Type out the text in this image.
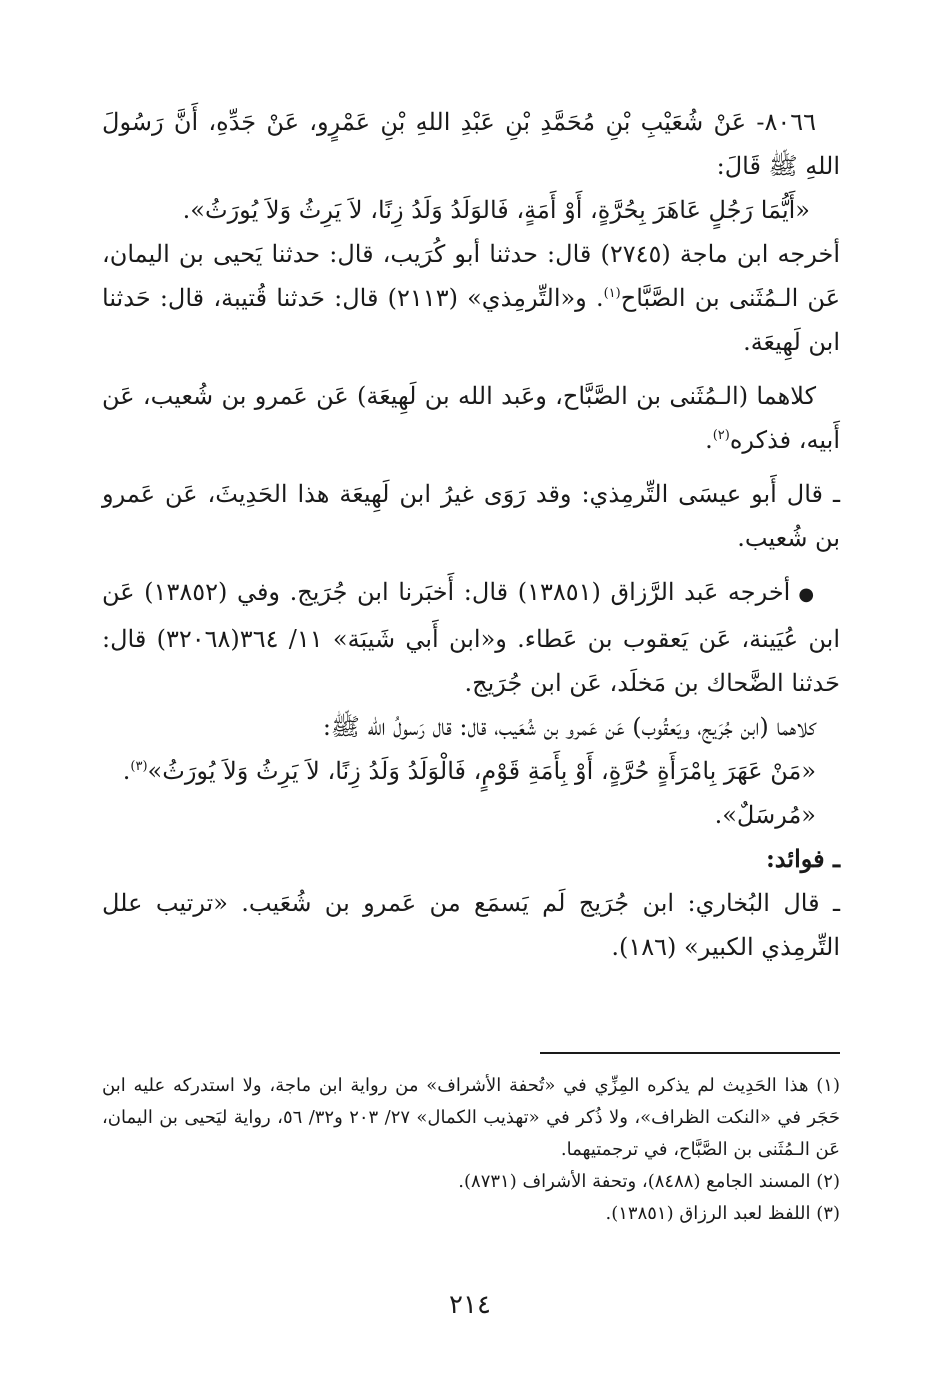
٨٠٦٦- عَنْ شُعَيْبِ بْنِ مُحَمَّدِ بْنِ عَبْدِ اللهِ بْنِ عَمْرٍو، عَنْ جَدِّهِ، أَنَّ رَسُولَ اللهِ ﷺ قَالَ:

«أَيُّمَا رَجُلٍ عَاهَرَ بِحُرَّةٍ، أَوْ أَمَةٍ، فَالوَلَدُ وَلَدُ زِنًا، لاَ يَرِثُ وَلاَ يُورَثُ».

أخرجه ابن ماجة (٢٧٤٥) قال: حدثنا أبو كُرَيب، قال: حدثنا يَحيى بن اليمان، عَن الـمُثَنى بن الصَّبَّاح$^{(١)}$. و«التِّرمِذي» (٢١١٣) قال: حَدثنا قُتيبة، قال: حَدثنا ابن لَهِيعَة.

كلاهما (الـمُثَنى بن الصَّبَّاح، وعَبد الله بن لَهِيعَة) عَن عَمرو بن شُعيب، عَن أَبيه، فذكره$^{(٢)}$.

ـ قال أَبو عيسَى التِّرمِذي: وقد رَوَى غيرُ ابن لَهِيعَة هذا الحَدِيثَ، عَن عَمرو بن شُعيب.

●أخرجه عَبد الرَّزاق (١٣٨٥١) قال: أَخبَرنا ابن جُرَيج. وفي (١٣٨٥٢) عَن ابن عُيَينة، عَن يَعقوب بن عَطاء. و«ابن أَبي شَيبَة» ١١/ ٣٦٤(٣٢٠٦٨) قال: حَدثنا الضَّحاك بن مَخلَد، عَن ابن جُرَيج.

كلاهما (ابن جُرَيج، ويَعقُوب) عَن عَمرو بن شُعَيب، قال: قال رَسولُ الله ﷺ:

«مَنْ عَهَرَ بِامْرَأَةٍ حُرَّةٍ، أَوْ بِأَمَةِ قَوْمٍ، فَالْوَلَدُ وَلَدُ زِنًا، لاَ يَرِثُ وَلاَ يُورَثُ»$^{(٣)}$.

«مُرسَلٌ».

ـ فوائد:

ـ قال البُخاري: ابن جُرَيج لَم يَسمَع من عَمرو بن شُعَيب. «ترتيب علل التِّرمِذي الكبير» (١٨٦).

(١) هذا الحَدِيث لم يذكره المِزِّي في «تُحفة الأشراف» من رواية ابن ماجة، ولا استدركه عليه ابن حَجَر في «النكت الظراف»، ولا ذُكر في «تهذيب الكمال» ٢٧/ ٢٠٣ و٣٢/ ٥٦، رواية ليَحيى بن اليمان، عَن الـمُثَنى بن الصَّبَّاح، في ترجمتيهما.

(٢) المسند الجامع (٨٤٨٨)، وتحفة الأشراف (٨٧٣١).

(٣) اللفظ لعبد الرزاق (١٣٨٥١).

٢١٤
